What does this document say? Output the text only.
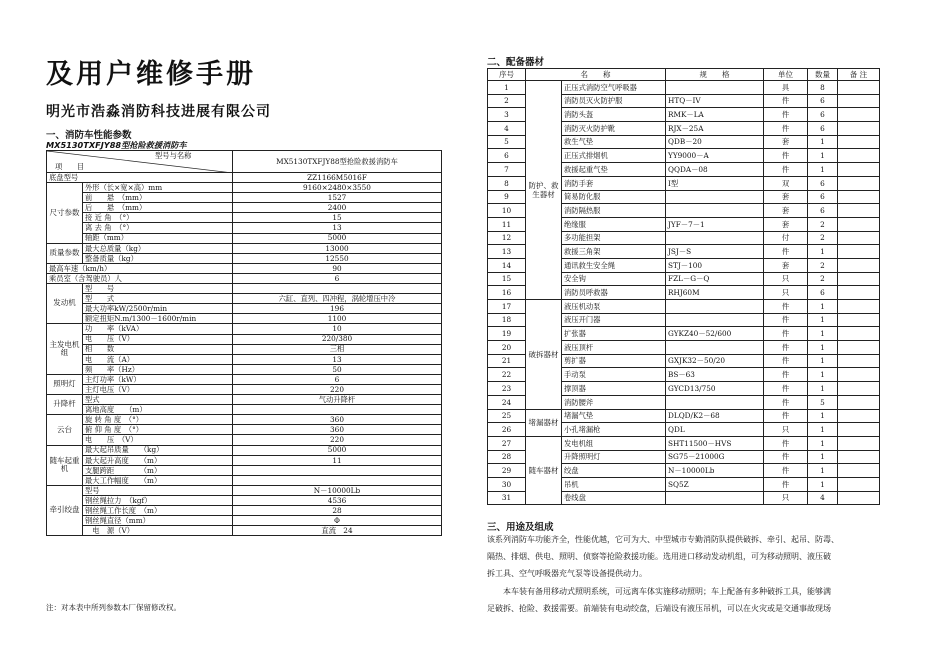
及用户维修手册
明光市浩淼消防科技进展有限公司
一、消防车性能参数
MX5130TXFJY88型抢险救援消防车
型号与名称
项　　目		MX5130TXFJY88型抢险救援消防车
底盘型号		ZZ1166M5016F
尺寸参数	外形（长×宽×高）mm	9160×2480×3550
	前　　悬　（mm）	1527
	后　　悬　（mm）	2400
	接 近 角　（°）	15
	离 去 角　（°）	13
	轴距（mm）	5000
质量参数	最大总质量（kg）	13000
	整备质量（kg）	12550
最高车速（km/h）		90
乘员室（含驾驶员）人		6
发动机	型　　号	
	型　　式	六缸、直列、四冲程，涡轮增压中冷
	最大功率kW/2500r/min	196
	额定扭矩N.m/1300－1600r/min	1100
主发电机组	功　　率（kVA）	10
	电　　压（V）	220/380
	相　　数	三相
	电　　流（A）	13
	频　　率（Hz）	50
照明灯	主灯功率（kW）	6
	主灯电压（V）	220
升降杆	型式	气动升降杆
	离地高度　　（m）	
云台	旋 转 角 度　（°）	360
	俯 仰 角 度　（°）	360
	电　　压　（V）	220
随车起重机	最大起吊质量　　（kg）	5000
	最大起升高度　　（m）	11
	支腿跨距　　　　（m）	
	最大工作幅度　　（m）	
牵引绞盘	型号	N－10000Lb
	钢丝绳拉力　（kgf）	4536
	钢丝绳工作长度　（m）	28
	钢丝绳直径（mm）	Φ
	　电　源（V）	直流　24
注：对本表中所列参数本厂保留修改权。
二、配备器材
序号	名　　称		规　　格	单位	数量	备 注
1	防护、救生器材	正压式消防空气呼吸器		具	8	
2		消防员灭火防护服	HTQ－IV	件	6	
3		消防头盔	RMK－LA	件	6	
4		消防灭火防护靴	RJX－25A	件	6	
5		救生气垫	QDB－20	套	1	
6		正压式排烟机	YY9000－A	件	1	
7		救援起重气垫	QQDA－08	件	1	
8		消防手套	I型	双	6	
9		简易防化服		套	6	
10		消防隔热服		套	6	
11		绝缘服	JYF－7－1	套	2	
12		多功能担架		付	2	
13		救援三角架	JSJ－S	件	1	
14		通讯救生安全绳	STJ－100	套	2	
15		安全钩	FZL－G－Q	只	2	
16		消防员呼救器	RHJ60M	只	6	
17	破拆器材	液压机动泵		件	1	
18		液压开门器		件	1	
19		扩张器	GYKZ40－52/600	件	1	
20		液压顶杆		件	1	
21		剪扩器	GXJK32－50/20	件	1	
22		手动泵	BS－63	件	1	
23		撑顶器	GYCD13/750	件	1	
24		消防腰斧		件	5	
25	堵漏器材	堵漏气垫	DLQD/K2－68	件	1	
26		小孔堵漏枪	QDL	只	1	
27	随车器材	发电机组	SHT11500－HVS	件	1	
28		升降照明灯	SG75－21000G	件	1	
29		绞盘	N－10000Lb	件	1	
30		吊机	SQ5Z	件	1	
31		卷线盘		只	4	
三、用途及组成
该系列消防车功能齐全，性能优越，它可为大、中型城市专勤消防队提供破拆、牵引、起吊、防毒、
隔热、排烟、供电、照明、侦察等抢险救援功能。选用进口移动发动机组，可为移动照明、液压破
拆工具、空气呼吸器充气泵等设备提供动力。
　　本车装有备用移动式照明系统，可远离车体实施移动照明；车上配备有多种破拆工具，能够满
足破拆、抢险、救援需要。前端装有电动绞盘，后端设有液压吊机，可以在火灾或是交通事故现场
